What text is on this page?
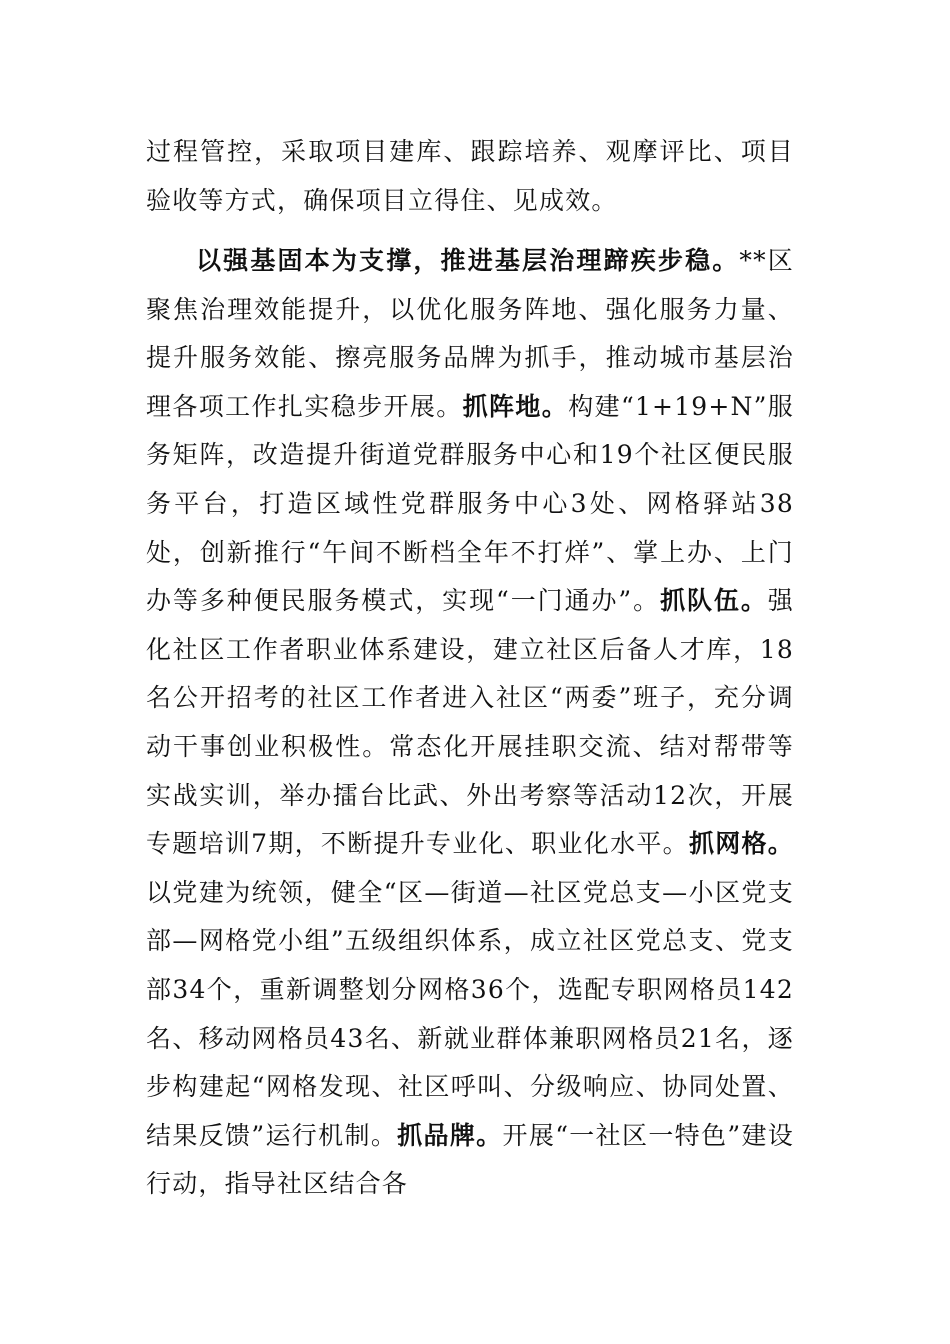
过程管控，采取项目建库、跟踪培养、观摩评比、项目验收等方式，确保项目立得住、见成效。

以强基固本为支撑，推进基层治理蹄疾步稳。**区聚焦治理效能提升，以优化服务阵地、强化服务力量、提升服务效能、擦亮服务品牌为抓手，推动城市基层治理各项工作扎实稳步开展。抓阵地。构建“1+19+N”服务矩阵，改造提升街道党群服务中心和19个社区便民服务平台，打造区域性党群服务中心3处、网格驿站38处，创新推行“午间不断档全年不打烊”、掌上办、上门办等多种便民服务模式，实现“一门通办”。抓队伍。强化社区工作者职业体系建设，建立社区后备人才库，18名公开招考的社区工作者进入社区“两委”班子，充分调动干事创业积极性。常态化开展挂职交流、结对帮带等实战实训，举办擂台比武、外出考察等活动12次，开展专题培训7期，不断提升专业化、职业化水平。抓网格。以党建为统领，健全“区—街道—社区党总支—小区党支部—网格党小组”五级组织体系，成立社区党总支、党支部34个，重新调整划分网格36个，选配专职网格员142名、移动网格员43名、新就业群体兼职网格员21名，逐步构建起“网格发现、社区呼叫、分级响应、协同处置、结果反馈”运行机制。抓品牌。开展“一社区一特色”建设行动，指导社区结合各
